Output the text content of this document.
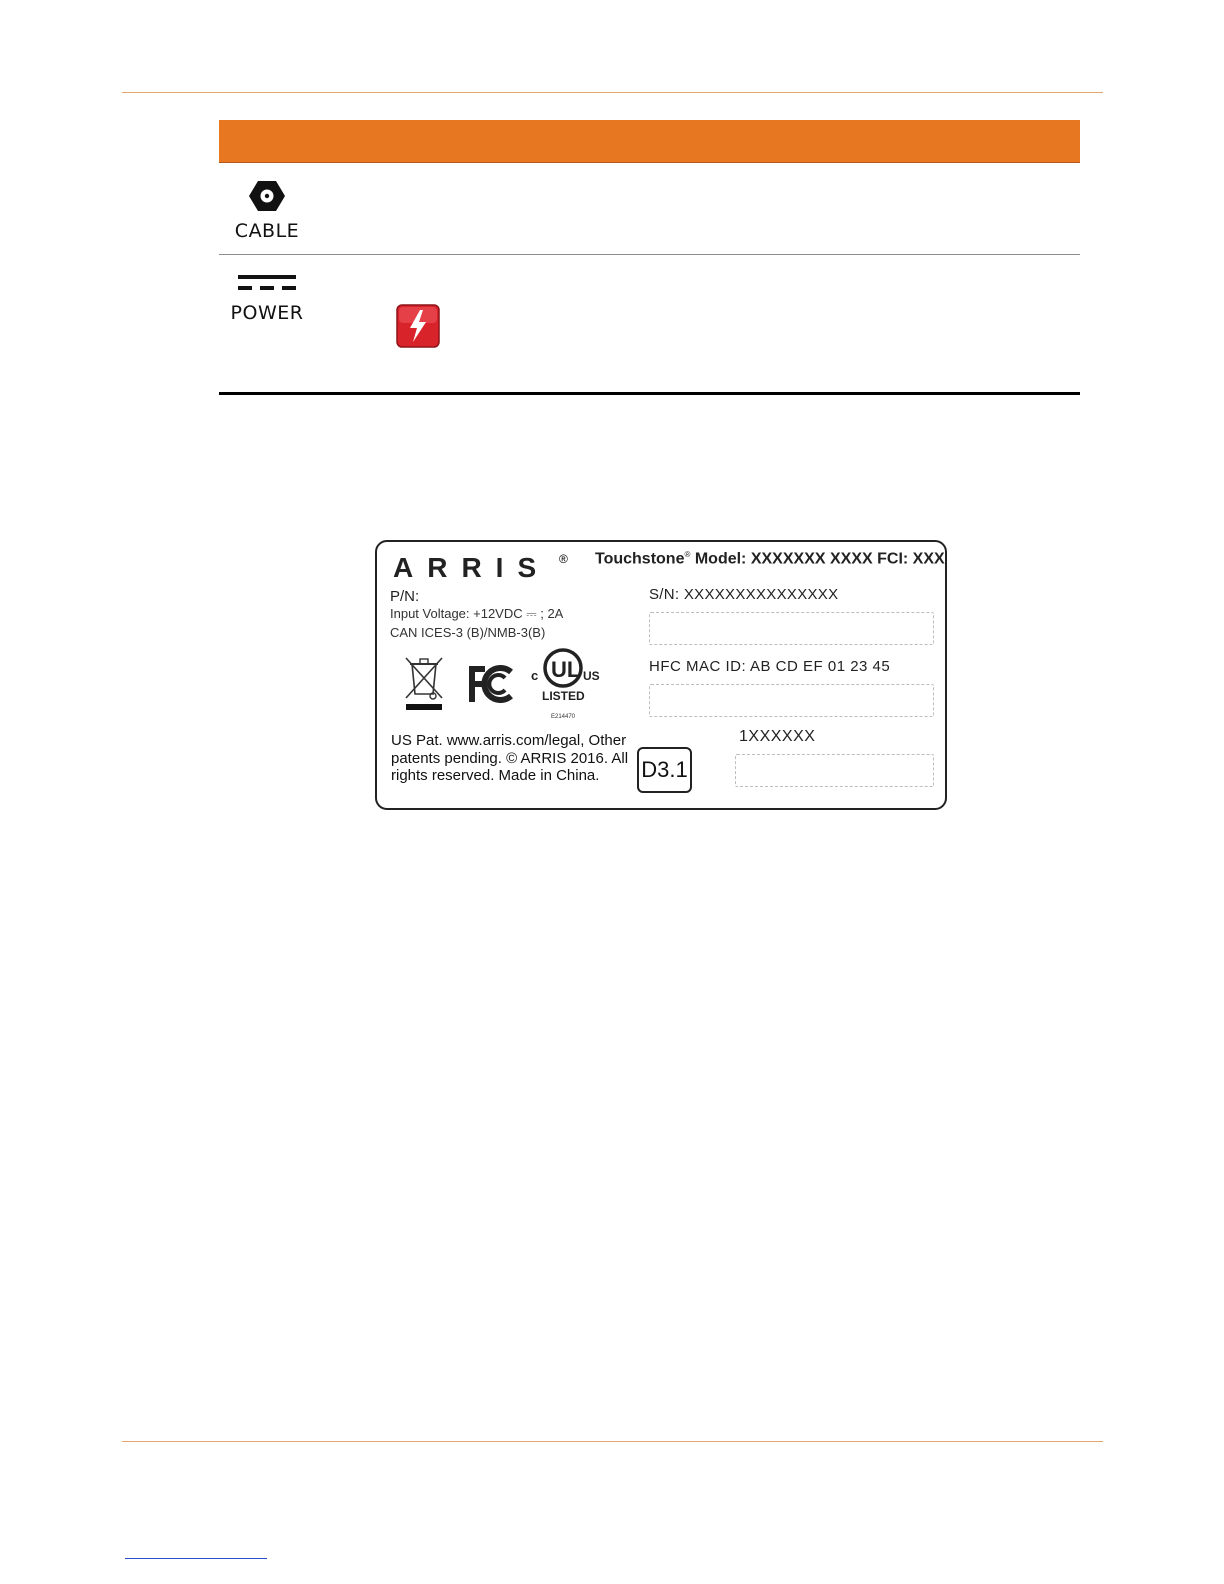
CABLE
POWER
ARRIS ® Touchstone® Model: XXXXXXX XXXX FCI: XXX
P/N:
Input Voltage: +12VDC ⎓ ; 2A
CAN ICES-3 (B)/NMB-3(B)
c UL US
LISTED
E214470
US Pat. www.arris.com/legal, Other patents pending. © ARRIS 2016. All rights reserved. Made in China.
S/N: XXXXXXXXXXXXXXX
HFC MAC ID: AB CD EF 01 23 45
1XXXXXX
D3.1
